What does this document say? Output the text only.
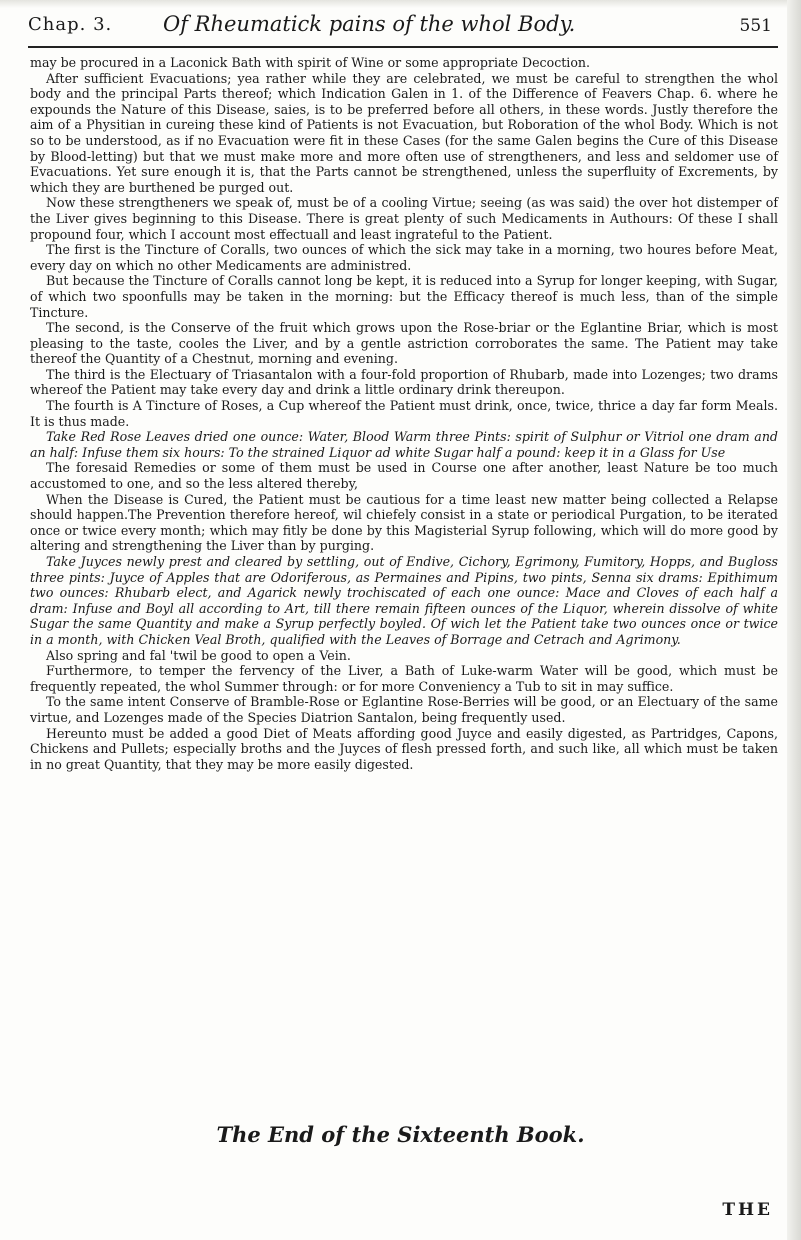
Chap. 3. Of Rheumatick pains of the whol Body.	551

may be procured in a Laconick Bath with spirit of Wine or some appropriate Decoction.

After sufficient Evacuations; yea rather while they are celebrated, we must be careful to strengthen the whol body and the principal Parts thereof; which Indication Galen in 1. of the Difference of Feavers Chap. 6. where he expounds the Nature of this Disease, saies, is to be preferred before all others, in these words. Justly therefore the aim of a Physitian in cureing these kind of Patients is not Evacuation, but Roboration of the whol Body. Which is not so to be understood, as if no Evacuation were fit in these Cases (for the same Galen begins the Cure of this Disease by Blood-letting) but that we must make more and more often use of strengtheners, and less and seldomer use of Evacuations. Yet sure enough it is, that the Parts cannot be strengthened, unless the superfluity of Excrements, by which they are burthened be purged out.

Now these strengtheners we speak of, must be of a cooling Virtue; seeing (as was said) the over hot distemper of the Liver gives beginning to this Disease. There is great plenty of such Medicaments in Authours: Of these I shall propound four, which I account most effectuall and least ingrateful to the Patient.

The first is the Tincture of Coralls, two ounces of which the sick may take in a morning, two houres before Meat, every day on which no other Medicaments are administred.

But because the Tincture of Coralls cannot long be kept, it is reduced into a Syrup for longer keeping, with Sugar, of which two spoonfulls may be taken in the morning: but the Efficacy thereof is much less, than of the simple Tincture.

The second, is the Conserve of the fruit which grows upon the Rose-briar or the Eglantine Briar, which is most pleasing to the taste, cooles the Liver, and by a gentle astriction corroborates the same. The Patient may take thereof the Quantity of a Chestnut, morning and evening.

The third is the Electuary of Triasantalon with a four-fold proportion of Rhubarb, made into Lozenges; two drams whereof the Patient may take every day and drink a little ordinary drink thereupon.

The fourth is A Tincture of Roses, a Cup whereof the Patient must drink, once, twice, thrice a day far form Meals. It is thus made.

Take Red Rose Leaves dried one ounce: Water, Blood Warm three Pints: spirit of Sulphur or Vitriol one dram and an half: Infuse them six hours: To the strained Liquor ad white Sugar half a pound: keep it in a Glass for Use

The foresaid Remedies or some of them must be used in Course one after another, least Nature be too much accustomed to one, and so the less altered thereby,

When the Disease is Cured, the Patient must be cautious for a time least new matter being collected a Relapse should happen.The Prevention therefore hereof, wil chiefely consist in a state or periodical Purgation, to be iterated once or twice every month; which may fitly be done by this Magisterial Syrup following, which will do more good by altering and strengthening the Liver than by purging.

Take Juyces newly prest and cleared by settling, out of Endive, Cichory, Egrimony, Fumitory, Hopps, and Bugloss three pints: Juyce of Apples that are Odoriferous, as Permaines and Pipins, two pints, Senna six drams: Epithimum two ounces: Rhubarb elect, and Agarick newly trochiscated of each one ounce: Mace and Cloves of each half a dram: Infuse and Boyl all according to Art, till there remain fifteen ounces of the Liquor, wherein dissolve of white Sugar the same Quantity and make a Syrup perfectly boyled. Of wich let the Patient take two ounces once or twice in a month, with Chicken Veal Broth, qualified with the Leaves of Borrage and Cetrach and Agrimony.

Also spring and fal 'twil be good to open a Vein.

Furthermore, to temper the fervency of the Liver, a Bath of Luke-warm Water will be good, which must be frequently repeated, the whol Summer through: or for more Conveniency a Tub to sit in may suffice.

To the same intent Conserve of Bramble-Rose or Eglantine Rose-Berries will be good, or an Electuary of the same virtue, and Lozenges made of the Species Diatrion Santalon, being frequently used.

Hereunto must be added a good Diet of Meats affording good Juyce and easily digested, as Partridges, Capons, Chickens and Pullets; especially broths and the Juyces of flesh pressed forth, and such like, all which must be taken in no great Quantity, that they may be more easily digested.

The End of the Sixteenth Book.
THE
